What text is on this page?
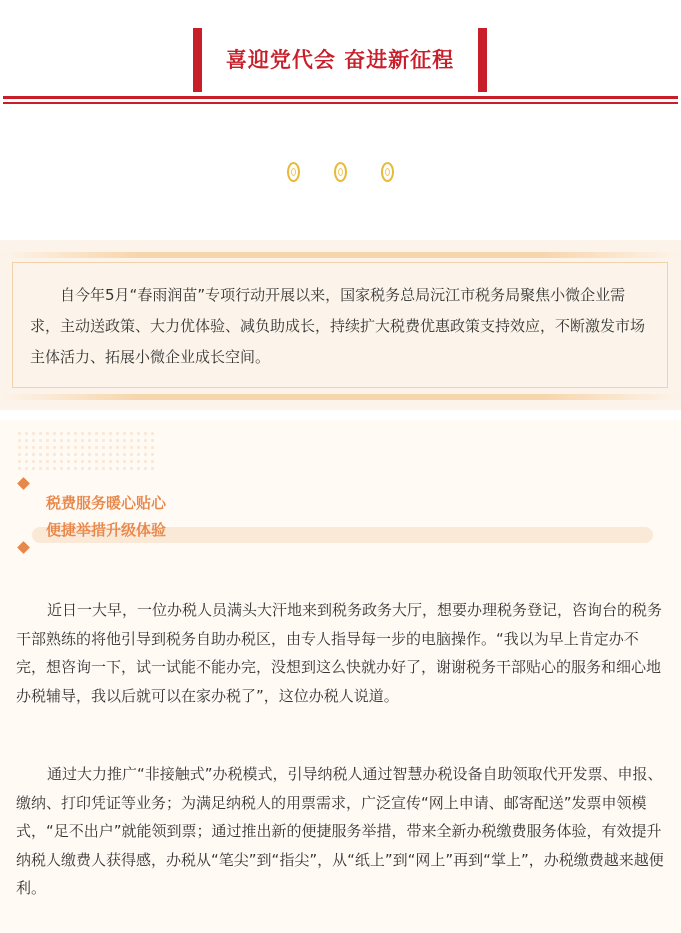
喜迎党代会 奋进新征程
自今年5月“春雨润苗”专项行动开展以来，国家税务总局沅江市税务局聚焦小微企业需求，主动送政策、大力优体验、减负助成长，持续扩大税费优惠政策支持效应，不断激发市场主体活力、拓展小微企业成长空间。
税费服务暖心贴心
便捷举措升级体验
近日一大早，一位办税人员满头大汗地来到税务政务大厅，想要办理税务登记，咨询台的税务干部熟练的将他引导到税务自助办税区，由专人指导每一步的电脑操作。“我以为早上肯定办不完，想咨询一下，试一试能不能办完，没想到这么快就办好了，谢谢税务干部贴心的服务和细心地办税辅导，我以后就可以在家办税了”，这位办税人说道。
通过大力推广“非接触式”办税模式，引导纳税人通过智慧办税设备自助领取代开发票、申报、缴纳、打印凭证等业务；为满足纳税人的用票需求，广泛宣传“网上申请、邮寄配送”发票申领模式，“足不出户”就能领到票；通过推出新的便捷服务举措，带来全新办税缴费服务体验，有效提升纳税人缴费人获得感，办税从“笔尖”到“指尖”，从“纸上”到“网上”再到“掌上”，办税缴费越来越便利。
